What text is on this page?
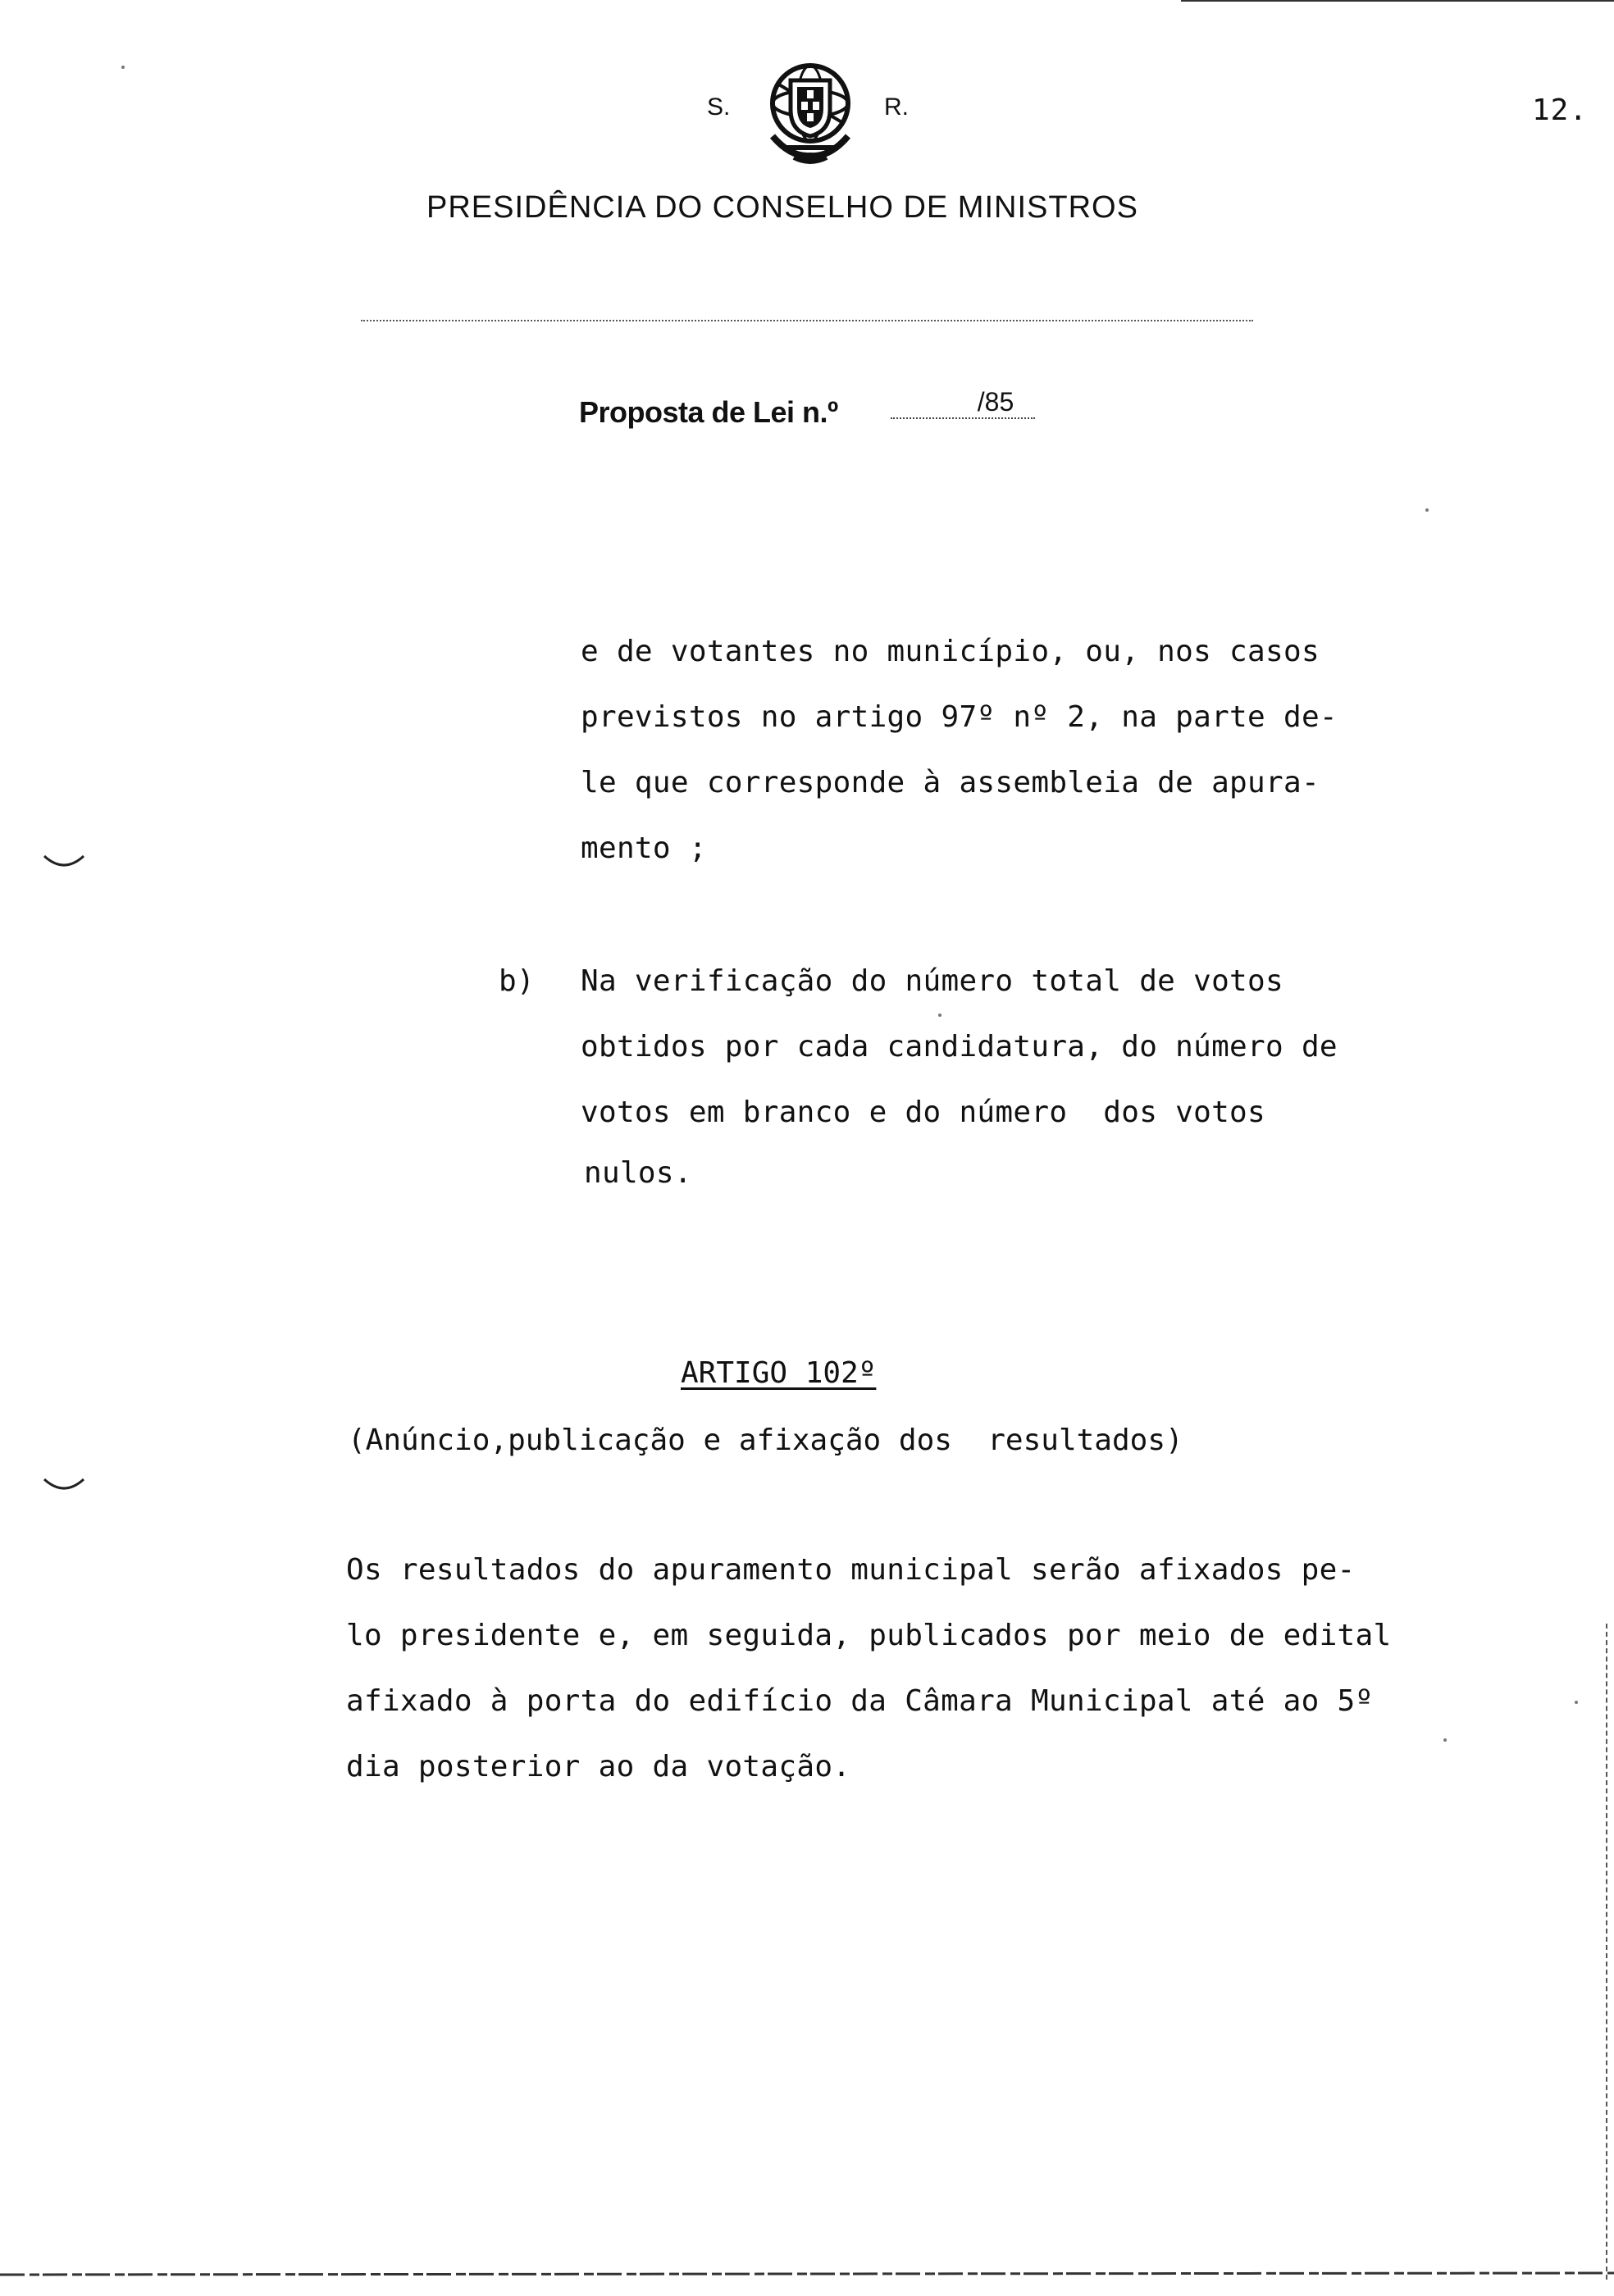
S.	R.	12.
PRESIDÊNCIA DO CONSELHO DE MINISTROS
Proposta de Lei n.º	/85
e de votantes no município, ou, nos casos
previstos no artigo 97º nº 2, na parte de-
le que corresponde à assembleia de apura-
mento ;
b) Na verificação do número total de votos
obtidos por cada candidatura, do número de
votos em branco e do número  dos votos
nulos.
ARTIGO 102º
(Anúncio,publicação e afixação dos  resultados)
Os resultados do apuramento municipal serão afixados pe-
lo presidente e, em seguida, publicados por meio de edital
afixado à porta do edifício da Câmara Municipal até ao 5º
dia posterior ao da votação.
